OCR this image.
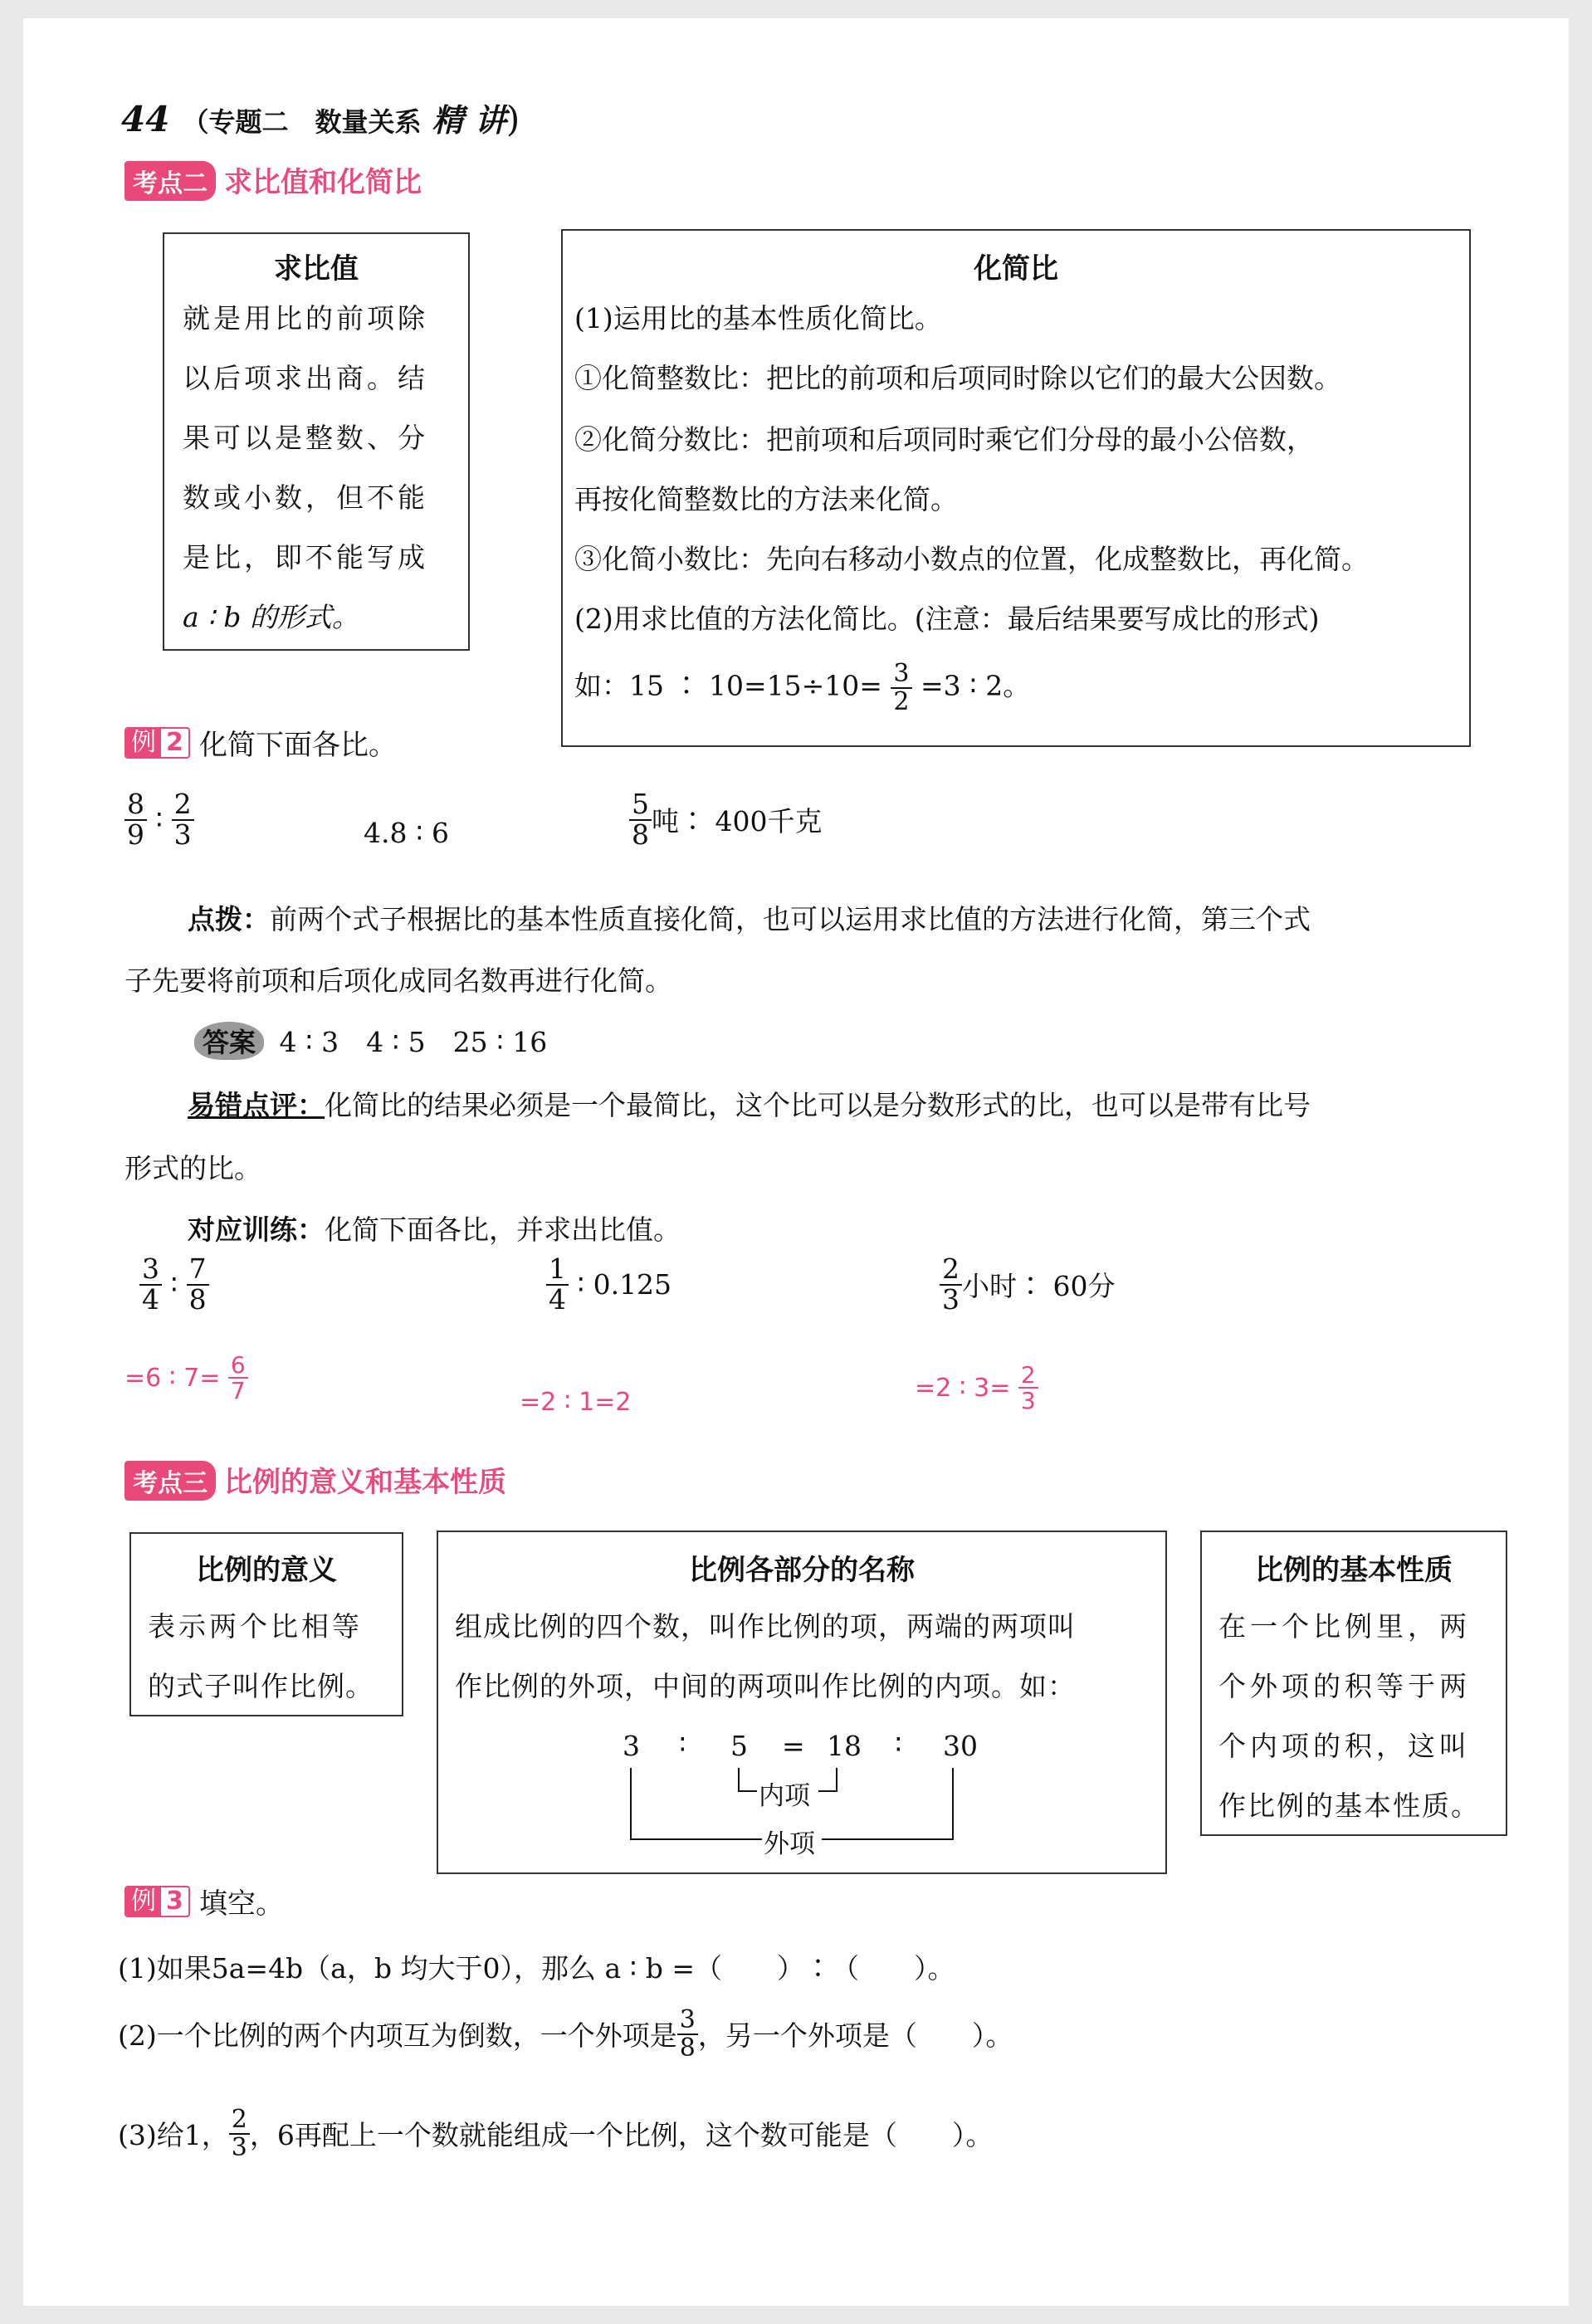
44 （专题二　数量关系 精 讲)
考点二 求比值和化简比
求比值
就是用比的前项除
以后项求出商。结
果可以是整数、分
数或小数，但不能
是比，即不能写成
a ∶ b 的形式。
化简比
(1)运用比的基本性质化简比。
①化简整数比：把比的前项和后项同时除以它们的最大公因数。
②化简分数比：把前项和后项同时乘它们分母的最小公倍数，
再按化简整数比的方法来化简。
③化简小数比：先向右移动小数点的位置，化成整数比，再化简。
(2)用求比值的方法化简比。(注意：最后结果要写成比的形式)
如：15 ∶ $10=15\div 10= \frac{3}{2} =3$ ∶ 2。
例 2 化简下面各比。
$\frac{8}{9}$ ∶ $\frac{2}{3}$	4.8 ∶ 6	$\frac{5}{8}$ 吨∶ 400千克
点拨：前两个式子根据比的基本性质直接化简，也可以运用求比值的方法进行化简，第三个式
子先要将前项和后项化成同名数再进行化简。
答案 4 ∶ 3　4 ∶ 5　25 ∶ 16
易错点评：化简比的结果必须是一个最简比，这个比可以是分数形式的比，也可以是带有比号
形式的比。
对应训练：化简下面各比，并求出比值。
$\frac{3}{4}$ ∶ $\frac{7}{8}$	$\frac{1}{4}$ ∶ 0.125	$\frac{2}{3}$ 小时∶ 60分
=6 ∶ $7= \frac{6}{7}$	=2 ∶ 1=2	=2 ∶ $3= \frac{2}{3}$
考点三 比例的意义和基本性质
比例的意义
表示两个比相等
的式子叫作比例。
比例各部分的名称
组成比例的四个数，叫作比例的项，两端的两项叫
作比例的外项，中间的两项叫作比例的内项。如：
3 ∶ 5 = 18 ∶ 30
内项
外项
比例的基本性质
在一个比例里，两
个外项的积等于两
个内项的积，这叫
作比例的基本性质。
例 3 填空。
(1)如果5a=4b（a，b 均大于0），那么 a ∶ b =（　　）∶（　　）。
(2)一个比例的两个内项互为倒数，一个外项是 $\frac{3}{8}$ ，另一个外项是（　　）。
(3)给1， $\frac{2}{3}$ ，6再配上一个数就能组成一个比例，这个数可能是（　　）。
